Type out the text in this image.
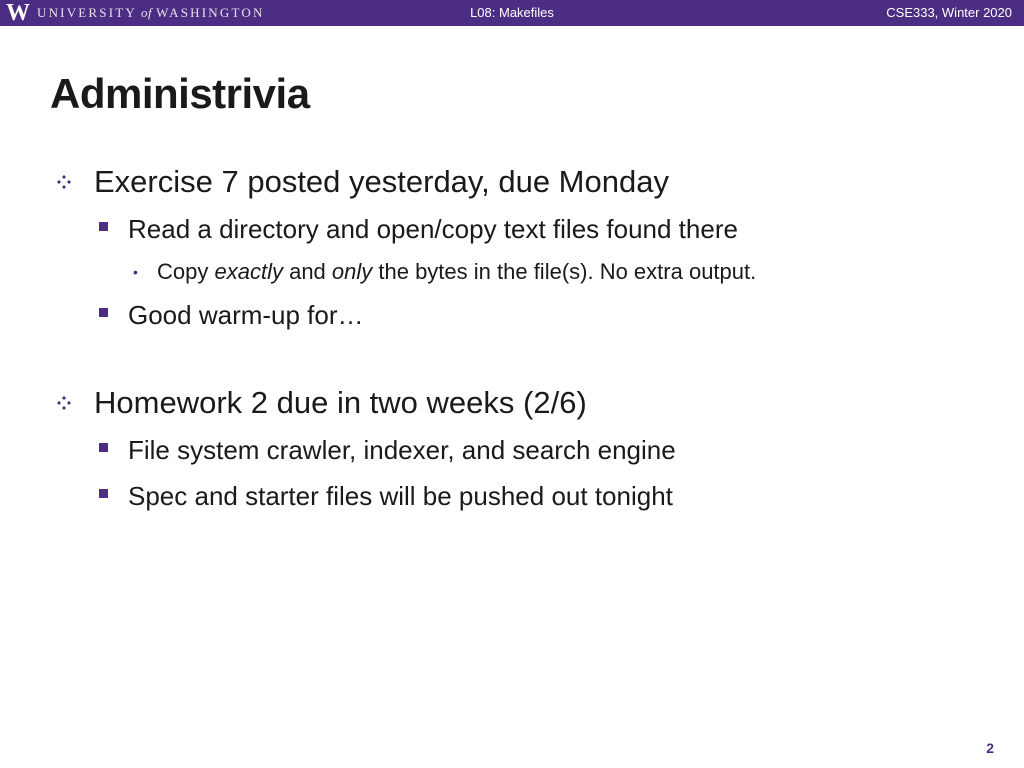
W UNIVERSITY of WASHINGTON	L08: Makefiles	CSE333, Winter 2020
Administrivia
Exercise 7 posted yesterday, due Monday
Read a directory and open/copy text files found there
• Copy exactly and only the bytes in the file(s). No extra output.
Good warm-up for…
Homework 2 due in two weeks (2/6)
File system crawler, indexer, and search engine
Spec and starter files will be pushed out tonight
2
